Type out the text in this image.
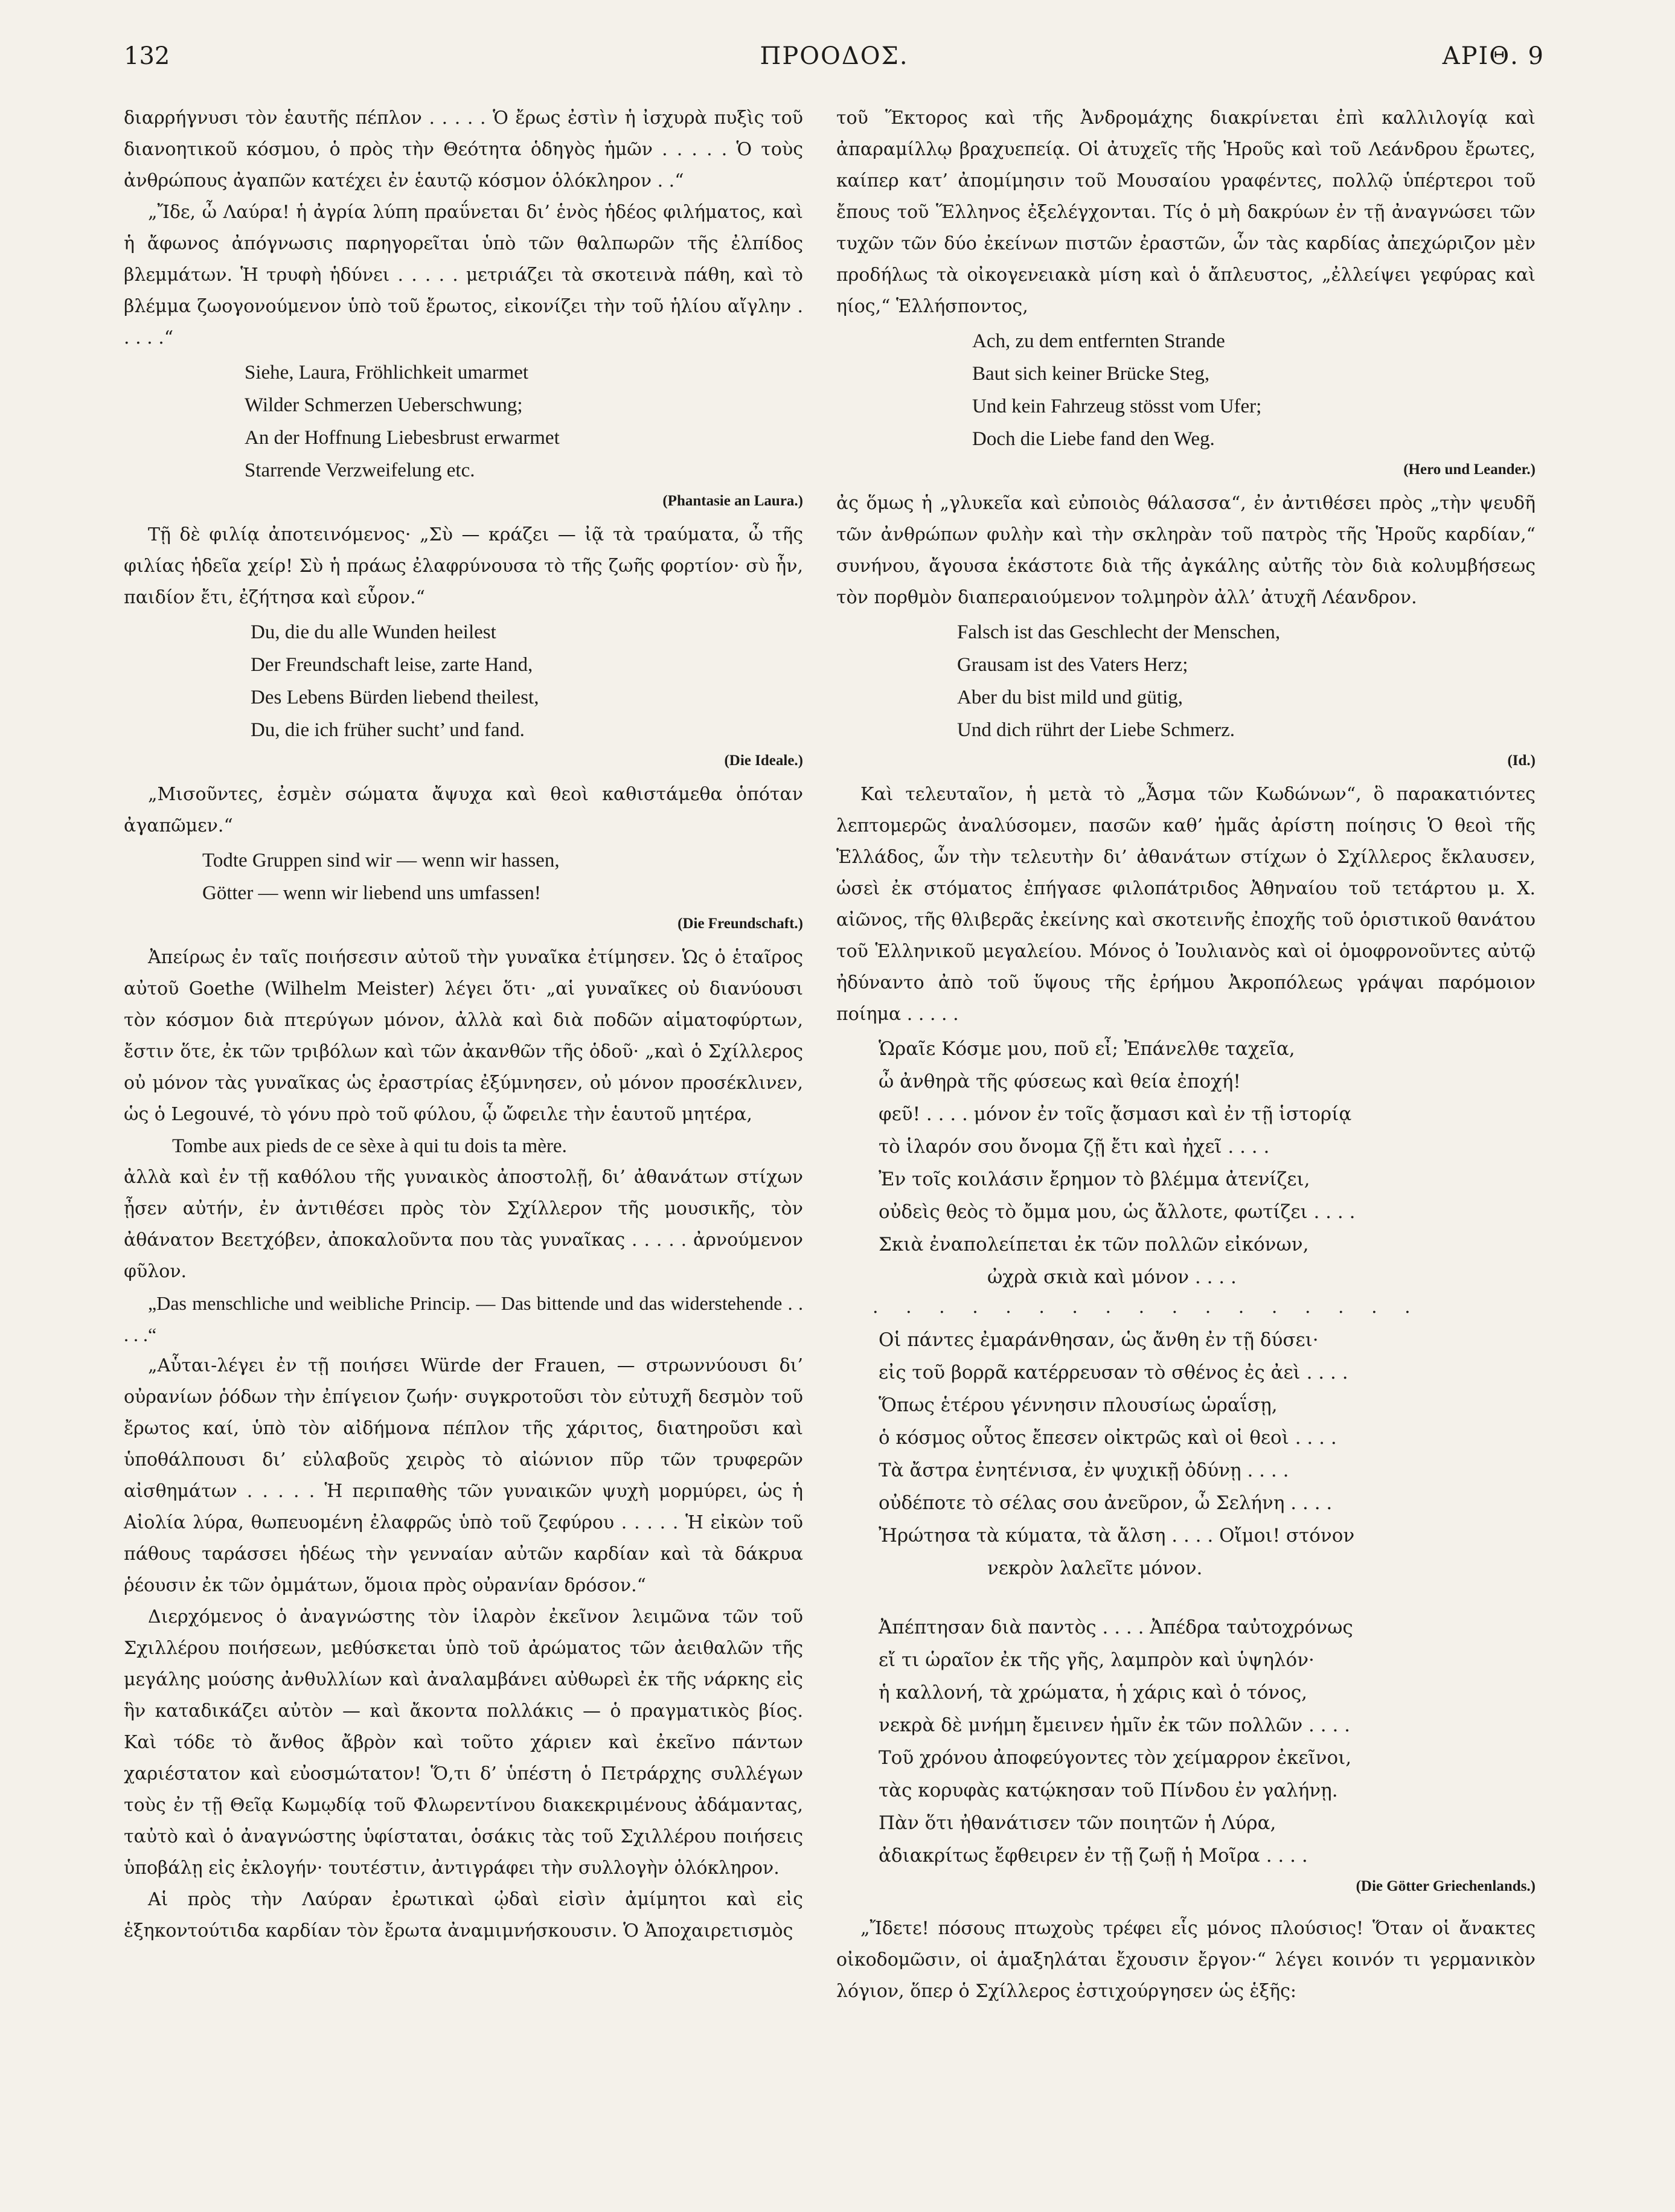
132	ΠΡΟΟΔΟΣ.	ΑΡΙΘ. 9

διαρρήγνυσι τὸν ἑαυτῆς πέπλον . . . . . Ὁ ἔρως ἐστὶν ἡ ἰσχυρὰ πυξὶς τοῦ διανοητικοῦ κόσμου, ὁ πρὸς τὴν Θεότητα ὁδηγὸς ἡμῶν . . . . . Ὁ τοὺς ἀνθρώπους ἀγαπῶν κατέχει ἐν ἑαυτῷ κόσμον ὁλόκληρον . .“

„Ἴδε, ὦ Λαύρα! ἡ ἀγρία λύπη πραΰνεται δι’ ἑνὸς ἡδέος φιλήματος, καὶ ἡ ἄφωνος ἀπόγνωσις παρηγορεῖται ὑπὸ τῶν θαλπωρῶν τῆς ἐλπίδος βλεμμάτων. Ἡ τρυφὴ ἡδύνει . . . . . μετριάζει τὰ σκοτεινὰ πάθη, καὶ τὸ βλέμμα ζωογονούμενον ὑπὸ τοῦ ἔρωτος, εἰκονίζει τὴν τοῦ ἡλίου αἴγλην . . . . .“

Siehe, Laura, Fröhlichkeit umarmet
Wilder Schmerzen Ueberschwung;
An der Hoffnung Liebesbrust erwarmet
Starrende Verzweifelung etc.
(Phantasie an Laura.)

Τῇ δὲ φιλίᾳ ἀποτεινόμενος· „Σὺ — κράζει — ἰᾷ τὰ τραύματα, ὦ τῆς φιλίας ἡδεῖα χείρ! Σὺ ἡ πράως ἐλαφρύνουσα τὸ τῆς ζωῆς φορτίον· σὺ ἦν, παιδίον ἔτι, ἐζήτησα καὶ εὗρον.“

Du, die du alle Wunden heilest
Der Freundschaft leise, zarte Hand,
Des Lebens Bürden liebend theilest,
Du, die ich früher sucht’ und fand.
(Die Ideale.)

„Μισοῦντες, ἐσμὲν σώματα ἄψυχα καὶ θεοὶ καθιστάμεθα ὁπόταν ἀγαπῶμεν.“

Todte Gruppen sind wir — wenn wir hassen,
Götter — wenn wir liebend uns umfassen!
(Die Freundschaft.)

Ἀπείρως ἐν ταῖς ποιήσεσιν αὐτοῦ τὴν γυναῖκα ἐτίμησεν. Ὡς ὁ ἑταῖρος αὐτοῦ Goethe (Wilhelm Meister) λέγει ὅτι· „αἱ γυναῖκες οὐ διανύουσι τὸν κόσμον διὰ πτερύγων μόνον, ἀλλὰ καὶ διὰ ποδῶν αἱματοφύρτων, ἔστιν ὅτε, ἐκ τῶν τριβόλων καὶ τῶν ἀκανθῶν τῆς ὁδοῦ· „καὶ ὁ Σχίλλερος οὐ μόνον τὰς γυναῖκας ὡς ἐραστρίας ἐξύμνησεν, οὐ μόνον προσέκλινεν, ὡς ὁ Legouvé, τὸ γόνυ πρὸ τοῦ φύλου, ᾧ ὤφειλε τὴν ἑαυτοῦ μητέρα,

Tombe aux pieds de ce sèxe à qui tu dois ta mère.

ἀλλὰ καὶ ἐν τῇ καθόλου τῆς γυναικὸς ἀποστολῇ, δι’ ἀθανάτων στίχων ᾖσεν αὐτήν, ἐν ἀντιθέσει πρὸς τὸν Σχίλλερον τῆς μουσικῆς, τὸν ἀθάνατον Βεετχόβεν, ἀποκαλοῦντα που τὰς γυναῖκας . . . . . ἀρνούμενον φῦλον.

„Das menschliche und weibliche Princip. — Das bittende und das widerstehende . . . . .“

„Αὗται-λέγει ἐν τῇ ποιήσει Würde der Frauen, — στρωννύουσι δι’ οὐρανίων ῥόδων τὴν ἐπίγειον ζωήν· συγκροτοῦσι τὸν εὐτυχῆ δεσμὸν τοῦ ἔρωτος καί, ὑπὸ τὸν αἰδήμονα πέπλον τῆς χάριτος, διατηροῦσι καὶ ὑποθάλπουσι δι’ εὐλαβοῦς χειρὸς τὸ αἰώνιον πῦρ τῶν τρυφερῶν αἰσθημάτων . . . . . Ἡ περιπαθὴς τῶν γυναικῶν ψυχὴ μορμύρει, ὡς ἡ Αἰολία λύρα, θωπευομένη ἐλαφρῶς ὑπὸ τοῦ ζεφύρου . . . . . Ἡ εἰκὼν τοῦ πάθους ταράσσει ἡδέως τὴν γενναίαν αὐτῶν καρδίαν καὶ τὰ δάκρυα ῥέουσιν ἐκ τῶν ὀμμάτων, ὅμοια πρὸς οὐρανίαν δρόσον.“

Διερχόμενος ὁ ἀναγνώστης τὸν ἱλαρὸν ἐκεῖνον λειμῶνα τῶν τοῦ Σχιλλέρου ποιήσεων, μεθύσκεται ὑπὸ τοῦ ἀρώματος τῶν ἀειθαλῶν τῆς μεγάλης μούσης ἀνθυλλίων καὶ ἀναλαμβάνει αὐθωρεὶ ἐκ τῆς νάρκης εἰς ἣν καταδικάζει αὐτὸν — καὶ ἄκοντα πολλάκις — ὁ πραγματικὸς βίος. Καὶ τόδε τὸ ἄνθος ἄβρὸν καὶ τοῦτο χάριεν καὶ ἐκεῖνο πάντων χαριέστατον καὶ εὐοσμώτατον! Ὅ,τι δ’ ὑπέστη ὁ Πετράρχης συλλέγων τοὺς ἐν τῇ Θεῖᾳ Κωμῳδίᾳ τοῦ Φλωρεντίνου διακεκριμένους ἀδάμαντας, ταὐτὸ καὶ ὁ ἀναγνώστης ὑφίσταται, ὁσάκις τὰς τοῦ Σχιλλέρου ποιήσεις ὑποβάλῃ εἰς ἐκλογήν· τουτέστιν, ἀντιγράφει τὴν συλλογὴν ὁλόκληρον.

Αἱ πρὸς τὴν Λαύραν ἐρωτικαὶ ᾠδαὶ εἰσὶν ἀμίμητοι καὶ εἰς ἑξηκοντούτιδα καρδίαν τὸν ἔρωτα ἀναμιμνήσκουσιν. Ὁ Ἀποχαιρετισμὸς

τοῦ Ἕκτορος καὶ τῆς Ἀνδρομάχης διακρίνεται ἐπὶ καλλιλογίᾳ καὶ ἀπαραμίλλῳ βραχυεπείᾳ. Οἱ ἀτυχεῖς τῆς Ἡροῦς καὶ τοῦ Λεάνδρου ἔρωτες, καίπερ κατ’ ἀπομίμησιν τοῦ Μουσαίου γραφέντες, πολλῷ ὑπέρτεροι τοῦ ἔπους τοῦ Ἕλληνος ἐξελέγχονται. Τίς ὁ μὴ δακρύων ἐν τῇ ἀναγνώσει τῶν τυχῶν τῶν δύο ἐκείνων πιστῶν ἐραστῶν, ὧν τὰς καρδίας ἀπεχώριζον μὲν προδήλως τὰ οἰκογενειακὰ μίση καὶ ὁ ἄπλευστος, „ἐλλείψει γεφύρας καὶ ηίος,“ Ἑλλήσποντος,

Ach, zu dem entfernten Strande
Baut sich keiner Brücke Steg,
Und kein Fahrzeug stösst vom Ufer;
Doch die Liebe fand den Weg.
(Hero und Leander.)

ἀς ὅμως ἡ „γλυκεῖα καὶ εὐποιὸς θάλασσα“, ἐν ἀντιθέσει πρὸς „τὴν ψευδῆ τῶν ἀνθρώπων φυλὴν καὶ τὴν σκληρὰν τοῦ πατρὸς τῆς Ἡροῦς καρδίαν,“ συνήνου, ἄγουσα ἑκάστοτε διὰ τῆς ἀγκάλης αὐτῆς τὸν διὰ κολυμβήσεως τὸν πορθμὸν διαπεραιούμενον τολμηρὸν ἀλλ’ ἀτυχῆ Λέανδρον.

Falsch ist das Geschlecht der Menschen,
Grausam ist des Vaters Herz;
Aber du bist mild und gütig,
Und dich rührt der Liebe Schmerz.
(Id.)

Καὶ τελευταῖον, ἡ μετὰ τὸ „Ἆσμα τῶν Κωδώνων“, ὃ παρακατιόντες λεπτομερῶς ἀναλύσομεν, πασῶν καθ’ ἡμᾶς ἀρίστη ποίησις Ὁ θεοὶ τῆς Ἑλλάδος, ὧν τὴν τελευτὴν δι’ ἀθανάτων στίχων ὁ Σχίλλερος ἔκλαυσεν, ὡσεὶ ἐκ στόματος ἐπήγασε φιλοπάτριδος Ἀθηναίου τοῦ τετάρτου μ. Χ. αἰῶνος, τῆς θλιβερᾶς ἐκείνης καὶ σκοτεινῆς ἐποχῆς τοῦ ὁριστικοῦ θανάτου τοῦ Ἑλληνικοῦ μεγαλείου. Μόνος ὁ Ἰουλιανὸς καὶ οἱ ὁμοφρονοῦντες αὐτῷ ἠδύναντο ἀπὸ τοῦ ὕψους τῆς ἐρήμου Ἀκροπόλεως γράψαι παρόμοιον ποίημα . . . . .

Ὡραῖε Κόσμε μου, ποῦ εἶ; Ἐπάνελθε ταχεῖα,
ὦ ἀνθηρὰ τῆς φύσεως καὶ θεία ἐποχή!
φεῦ! . . . . μόνον ἐν τοῖς ᾄσμασι καὶ ἐν τῇ ἱστορίᾳ
τὸ ἱλαρόν σου ὄνομα ζῇ ἔτι καὶ ἠχεῖ . . . .
Ἐν τοῖς κοιλάσιν ἔρημον τὸ βλέμμα ἀτενίζει,
οὐδεὶς θεὸς τὸ ὄμμα μου, ὡς ἄλλοτε, φωτίζει . . . .
Σκιὰ ἐναπολείπεται ἐκ τῶν πολλῶν εἰκόνων,
ὠχρὰ σκιὰ καὶ μόνον . . . .
. . . . . . . . . . . . . . . . .
Οἱ πάντες ἐμαράνθησαν, ὡς ἄνθη ἐν τῇ δύσει·
εἰς τοῦ βορρᾶ κατέρρευσαν τὸ σθένος ἐς ἀεὶ . . . .
Ὅπως ἑτέρου γέννησιν πλουσίως ὡραΐσῃ,
ὁ κόσμος οὗτος ἔπεσεν οἰκτρῶς καὶ οἱ θεοὶ . . . .
Τὰ ἄστρα ἐνητένισα, ἐν ψυχικῇ ὀδύνῃ . . . .
οὐδέποτε τὸ σέλας σου ἀνεῦρον, ὦ Σελήνη . . . .
Ἠρώτησα τὰ κύματα, τὰ ἄλση . . . . Οἴμοι! στόνον
νεκρὸν λαλεῖτε μόνον.
Ἀπέπτησαν διὰ παντὸς . . . . Ἀπέδρα ταὐτοχρόνως
εἴ τι ὡραῖον ἐκ τῆς γῆς, λαμπρὸν καὶ ὑψηλόν·
ἡ καλλονή, τὰ χρώματα, ἡ χάρις καὶ ὁ τόνος,
νεκρὰ δὲ μνήμη ἔμεινεν ἡμῖν ἐκ τῶν πολλῶν . . . .
Τοῦ χρόνου ἀποφεύγοντες τὸν χείμαρρον ἐκεῖνοι,
τὰς κορυφὰς κατῴκησαν τοῦ Πίνδου ἐν γαλήνῃ.
Πὰν ὅτι ἠθανάτισεν τῶν ποιητῶν ἡ Λύρα,
ἀδιακρίτως ἔφθειρεν ἐν τῇ ζωῇ ἡ Μοῖρα . . . .
(Die Götter Griechenlands.)

„Ἴδετε! πόσους πτωχοὺς τρέφει εἷς μόνος πλούσιος! Ὅταν οἱ ἄνακτες οἰκοδομῶσιν, οἱ ἁμαξηλάται ἔχουσιν ἔργον·“ λέγει κοινόν τι γερμανικὸν λόγιον, ὅπερ ὁ Σχίλλερος ἐστιχούργησεν ὡς ἑξῆς:
